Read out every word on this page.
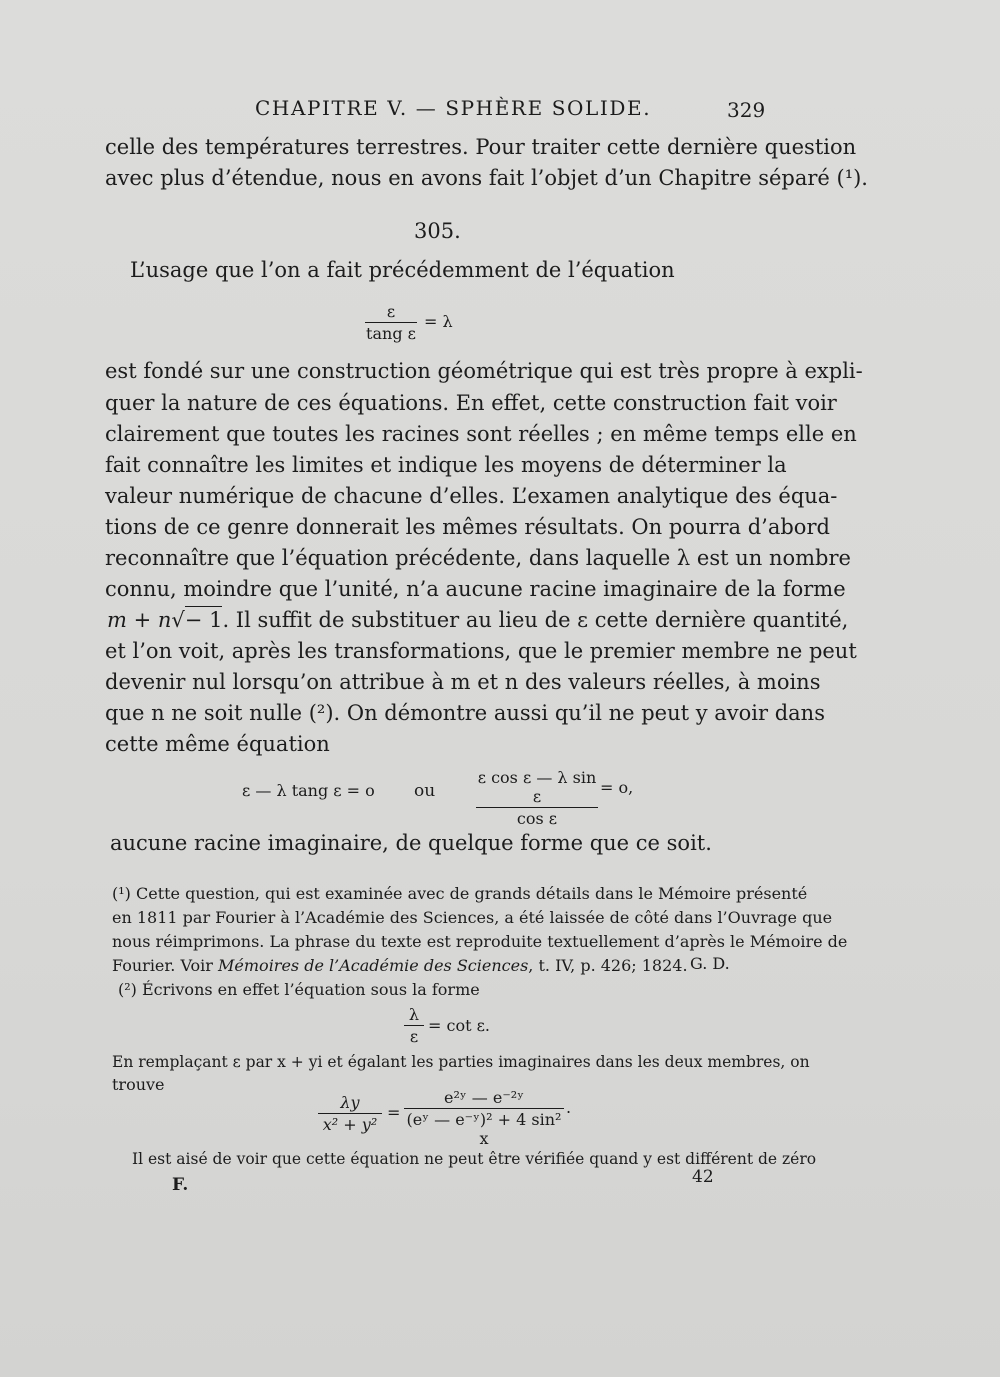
CHAPITRE V. — SPHÈRE SOLIDE.	329
celle des températures terrestres. Pour traiter cette dernière question
avec plus d’étendue, nous en avons fait l’objet d’un Chapitre séparé (¹).
305.
L’usage que l’on a fait précédemment de l’équation
ε
tang ε
= λ
est fondé sur une construction géométrique qui est très propre à expli-
quer la nature de ces équations. En effet, cette construction fait voir
clairement que toutes les racines sont réelles ; en même temps elle en
fait connaître les limites et indique les moyens de déterminer la
valeur numérique de chacune d’elles. L’examen analytique des équa-
tions de ce genre donnerait les mêmes résultats. On pourra d’abord
reconnaître que l’équation précédente, dans laquelle λ est un nombre
connu, moindre que l’unité, n’a aucune racine imaginaire de la forme
m + n√− 1. Il suffit de substituer au lieu de ε cette dernière quantité,
et l’on voit, après les transformations, que le premier membre ne peut
devenir nul lorsqu’on attribue à m et n des valeurs réelles, à moins
que n ne soit nulle (²). On démontre aussi qu’il ne peut y avoir dans
cette même équation
ε — λ tang ε = o ou
ε cos ε — λ sin ε
cos ε
= o,
aucune racine imaginaire, de quelque forme que ce soit.
(¹) Cette question, qui est examinée avec de grands détails dans le Mémoire présenté
en 1811 par Fourier à l’Académie des Sciences, a été laissée de côté dans l’Ouvrage que
nous réimprimons. La phrase du texte est reproduite textuellement d’après le Mémoire de
Fourier. Voir Mémoires de l’Académie des Sciences, t. IV, p. 426; 1824. G. D.
(²) Écrivons en effet l’équation sous la forme
λ
ε
= cot ε.
En remplaçant ε par x + yi et égalant les parties imaginaires dans les deux membres, on
trouve
λy
x² + y²
=
e²ʸ — e⁻²ʸ
(eʸ — e⁻ʸ)² + 4 sin² x
.
Il est aisé de voir que cette équation ne peut être vérifiée quand y est différent de zéro
F.	42
